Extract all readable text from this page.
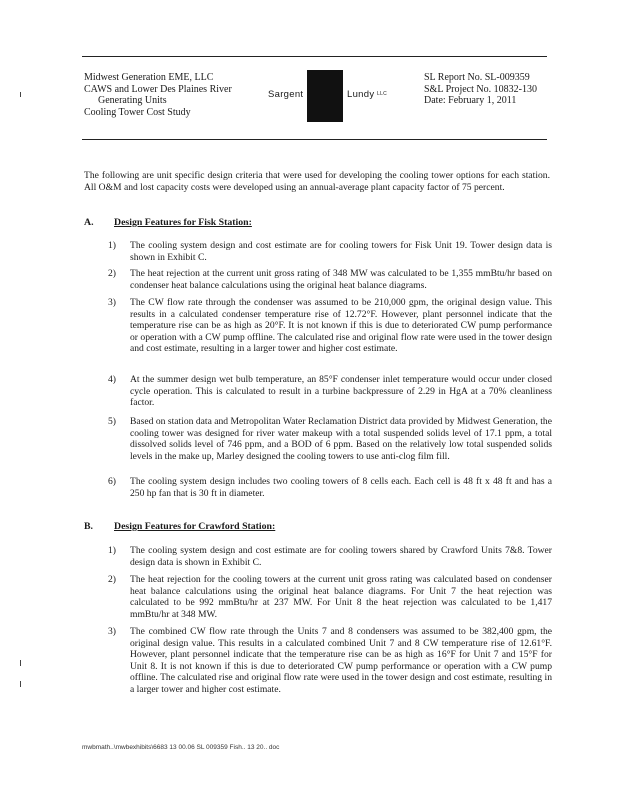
Midwest Generation EME, LLC
CAWS and Lower Des Plaines River
Generating Units
Cooling Tower Cost Study
Sargent	Lundy LLC
SL Report No. SL-009359
S&L Project No. 10832-130
Date: February 1, 2011
The following are unit specific design criteria that were used for developing the cooling tower options for each station. All O&M and lost capacity costs were developed using an annual-average plant capacity factor of 75 percent.
A. Design Features for Fisk Station:
1) The cooling system design and cost estimate are for cooling towers for Fisk Unit 19. Tower design data is shown in Exhibit C.
2) The heat rejection at the current unit gross rating of 348 MW was calculated to be 1,355 mmBtu/hr based on condenser heat balance calculations using the original heat balance diagrams.
3) The CW flow rate through the condenser was assumed to be 210,000 gpm, the original design value. This results in a calculated condenser temperature rise of 12.72°F. However, plant personnel indicate that the temperature rise can be as high as 20°F. It is not known if this is due to deteriorated CW pump performance or operation with a CW pump offline. The calculated rise and original flow rate were used in the tower design and cost estimate, resulting in a larger tower and higher cost estimate.
4) At the summer design wet bulb temperature, an 85°F condenser inlet temperature would occur under closed cycle operation. This is calculated to result in a turbine backpressure of 2.29 in HgA at a 70% cleanliness factor.
5) Based on station data and Metropolitan Water Reclamation District data provided by Midwest Generation, the cooling tower was designed for river water makeup with a total suspended solids level of 17.1 ppm, a total dissolved solids level of 746 ppm, and a BOD of 6 ppm. Based on the relatively low total suspended solids levels in the make up, Marley designed the cooling towers to use anti-clog film fill.
6) The cooling system design includes two cooling towers of 8 cells each. Each cell is 48 ft x 48 ft and has a 250 hp fan that is 30 ft in diameter.
B. Design Features for Crawford Station:
1) The cooling system design and cost estimate are for cooling towers shared by Crawford Units 7&8. Tower design data is shown in Exhibit C.
2) The heat rejection for the cooling towers at the current unit gross rating was calculated based on condenser heat balance calculations using the original heat balance diagrams. For Unit 7 the heat rejection was calculated to be 992 mmBtu/hr at 237 MW. For Unit 8 the heat rejection was calculated to be 1,417 mmBtu/hr at 348 MW.
3) The combined CW flow rate through the Units 7 and 8 condensers was assumed to be 382,400 gpm, the original design value. This results in a calculated combined Unit 7 and 8 CW temperature rise of 12.61°F. However, plant personnel indicate that the temperature rise can be as high as 16°F for Unit 7 and 15°F for Unit 8. It is not known if this is due to deteriorated CW pump performance or operation with a CW pump offline. The calculated rise and original flow rate were used in the tower design and cost estimate, resulting in a larger tower and higher cost estimate.
mwbmath..\mwbexhibits\6683 13 00.06 SL 009359 Fish.. 13 20.. doc
